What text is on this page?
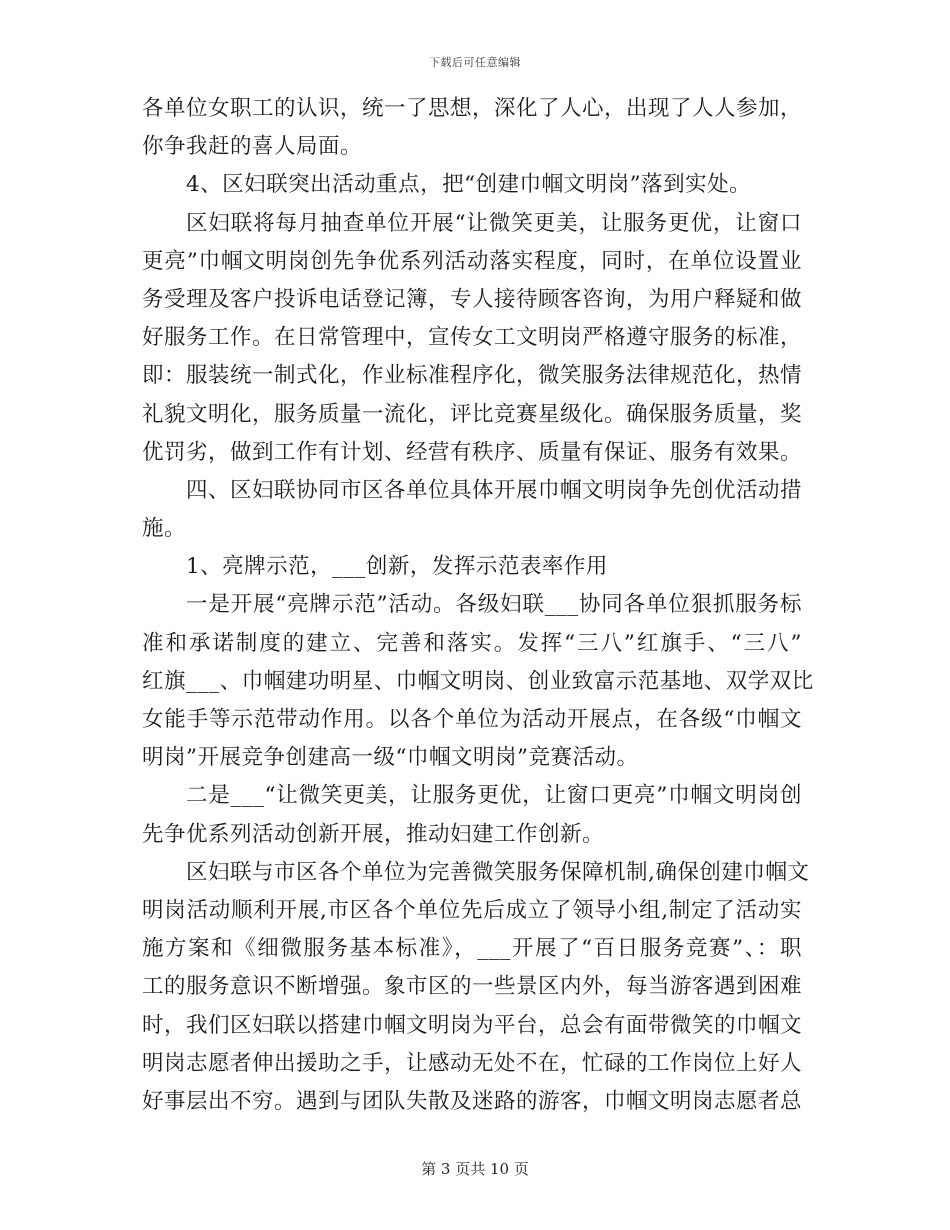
下载后可任意编辑
各单位女职工的认识，统一了思想，深化了人心，出现了人人参加，
你争我赶的喜人局面。
4、区妇联突出活动重点，把“创建巾帼文明岗”落到实处。
区妇联将每月抽查单位开展“让微笑更美，让服务更优，让窗口
更亮”巾帼文明岗创先争优系列活动落实程度，同时，在单位设置业
务受理及客户投诉电话登记簿，专人接待顾客咨询，为用户释疑和做
好服务工作。在日常管理中，宣传女工文明岗严格遵守服务的标准，
即：服装统一制式化，作业标准程序化，微笑服务法律规范化，热情
礼貌文明化，服务质量一流化，评比竞赛星级化。确保服务质量，奖
优罚劣，做到工作有计划、经营有秩序、质量有保证、服务有效果。
四、区妇联协同市区各单位具体开展巾帼文明岗争先创优活动措
施。
1、亮牌示范，___创新，发挥示范表率作用
一是开展“亮牌示范”活动。各级妇联___协同各单位狠抓服务标
准和承诺制度的建立、完善和落实。发挥“三八”红旗手、“三八”
红旗___、巾帼建功明星、巾帼文明岗、创业致富示范基地、双学双比
女能手等示范带动作用。以各个单位为活动开展点，在各级“巾帼文
明岗”开展竞争创建高一级“巾帼文明岗”竞赛活动。
二是___“让微笑更美，让服务更优，让窗口更亮”巾帼文明岗创
先争优系列活动创新开展，推动妇建工作创新。
区妇联与市区各个单位为完善微笑服务保障机制,确保创建巾帼文
明岗活动顺利开展,市区各个单位先后成立了领导小组,制定了活动实
施方案和《细微服务基本标准》，___开展了“百日服务竞赛”、：职
工的服务意识不断增强。象市区的一些景区内外，每当游客遇到困难
时，我们区妇联以搭建巾帼文明岗为平台，总会有面带微笑的巾帼文
明岗志愿者伸出援助之手，让感动无处不在，忙碌的工作岗位上好人
好事层出不穷。遇到与团队失散及迷路的游客，巾帼文明岗志愿者总
第 3 页共 10 页
